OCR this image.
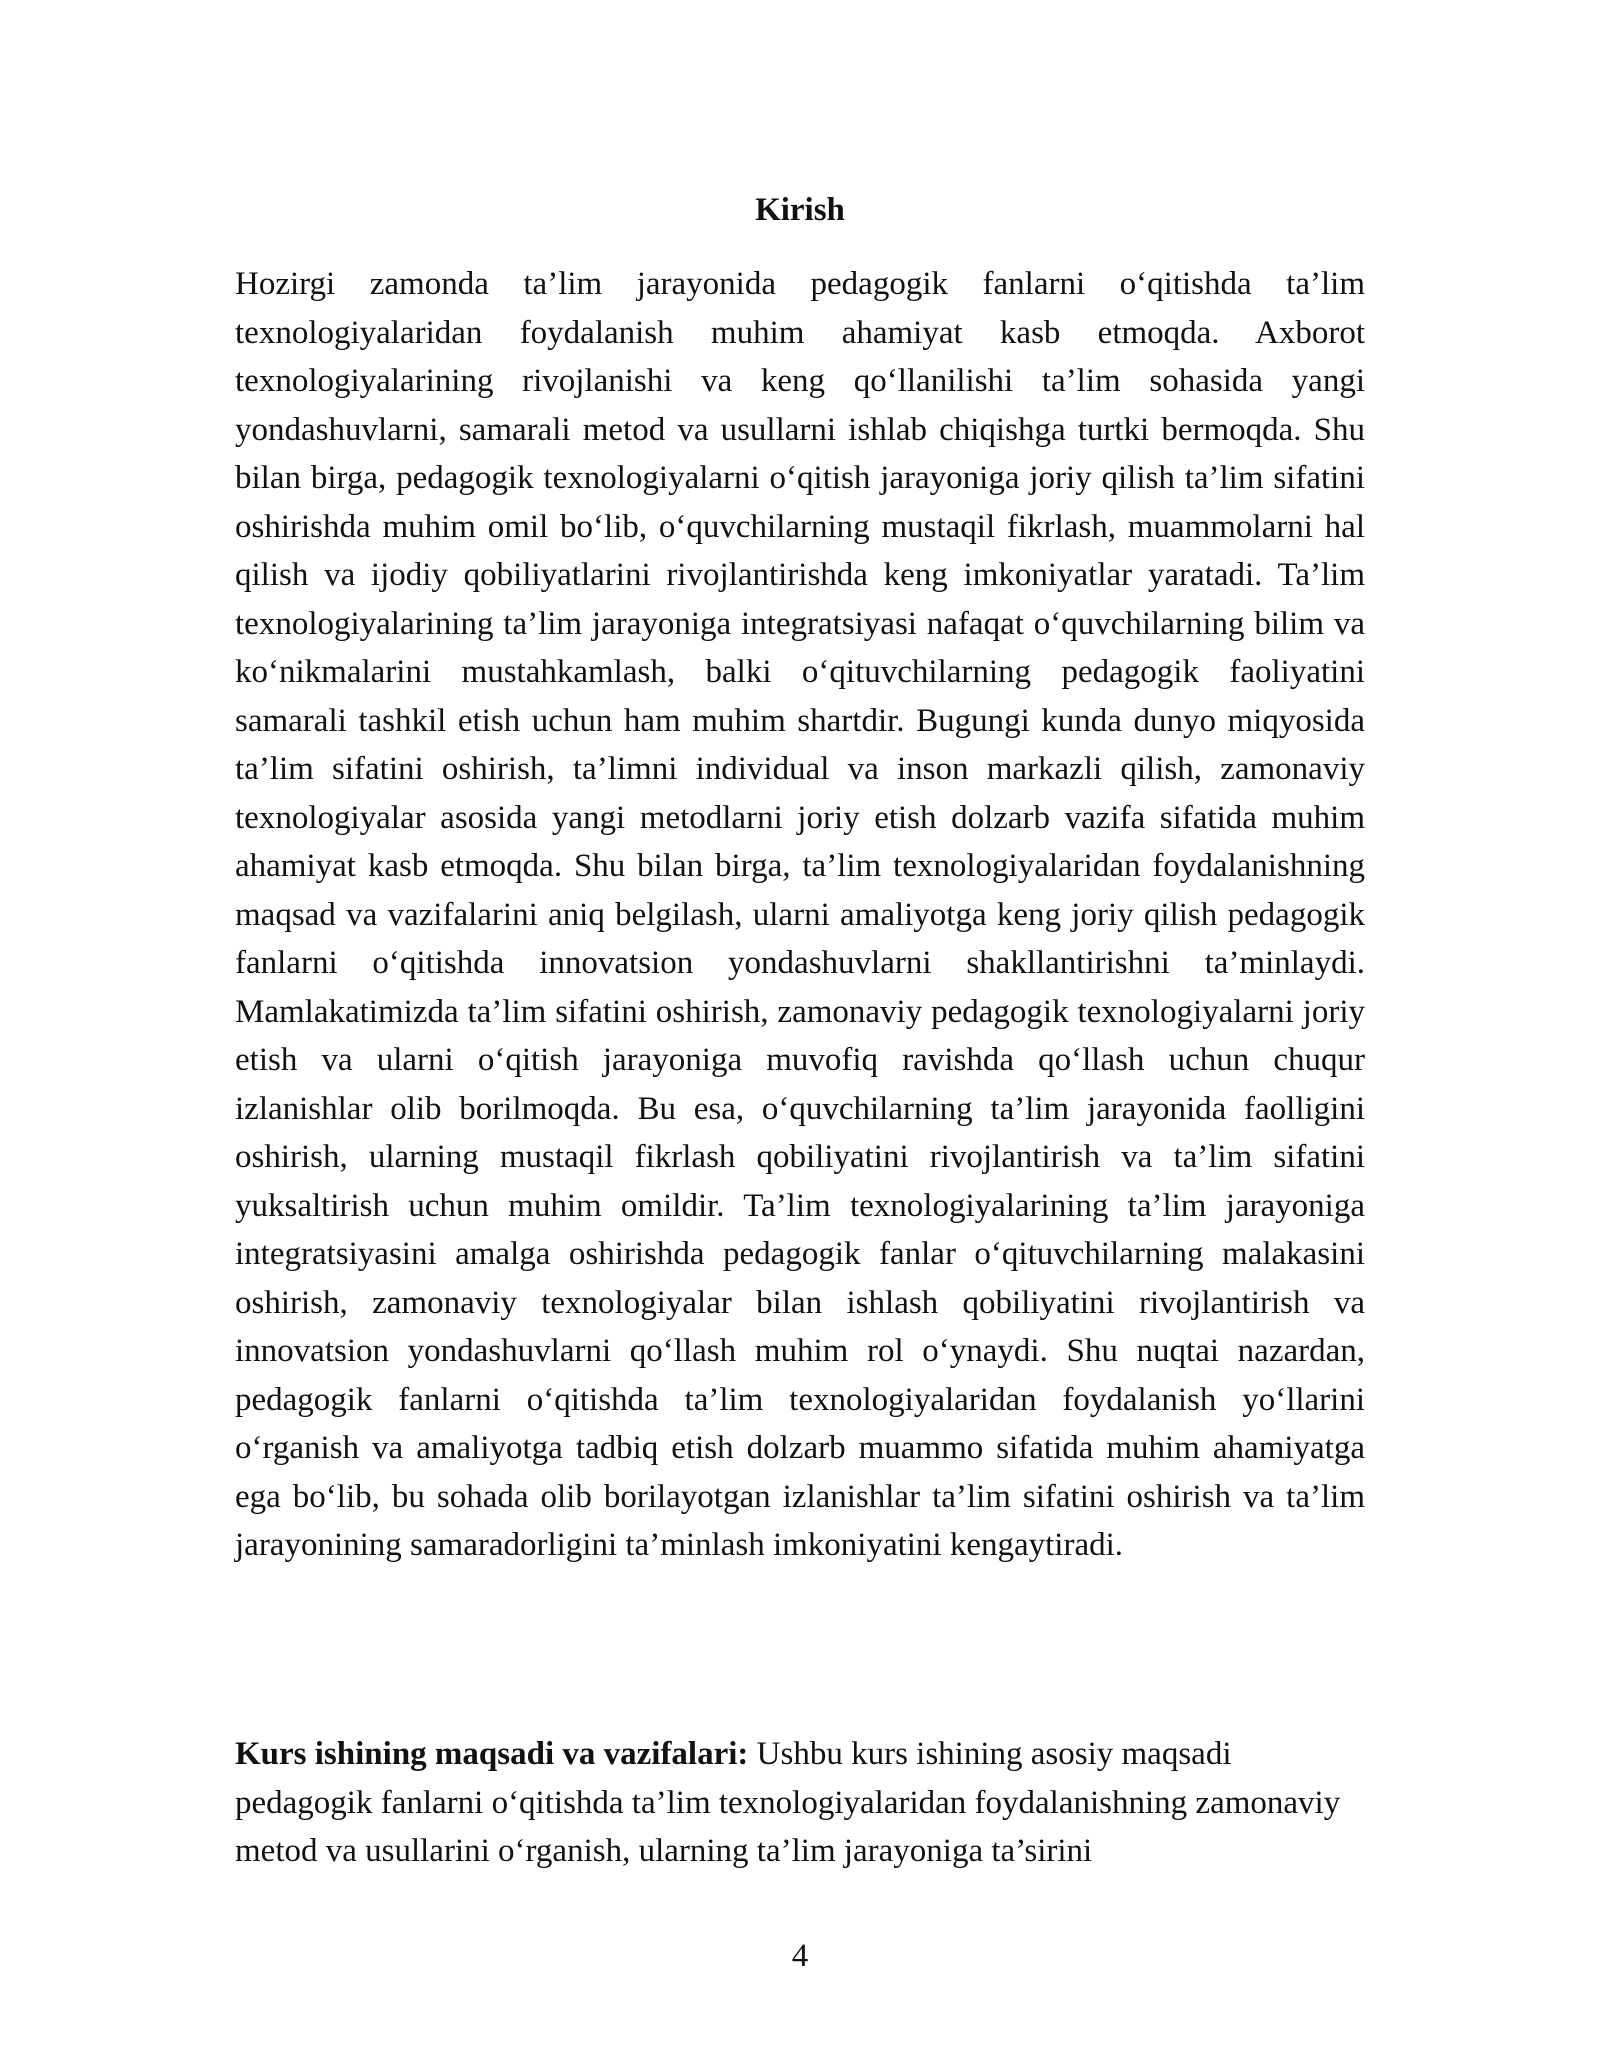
Kirish

Hozirgi zamonda ta’lim jarayonida pedagogik fanlarni o‘qitishda ta’lim texnologiyalaridan foydalanish muhim ahamiyat kasb etmoqda. Axborot texnologiyalarining rivojlanishi va keng qo‘llanilishi ta’lim sohasida yangi yondashuvlarni, samarali metod va usullarni ishlab chiqishga turtki bermoqda. Shu bilan birga, pedagogik texnologiyalarni o‘qitish jarayoniga joriy qilish ta’lim sifatini oshirishda muhim omil bo‘lib, o‘quvchilarning mustaqil fikrlash, muammolarni hal qilish va ijodiy qobiliyatlarini rivojlantirishda keng imkoniyatlar yaratadi. Ta’lim texnologiyalarining ta’lim jarayoniga integratsiyasi nafaqat o‘quvchilarning bilim va ko‘nikmalarini mustahkamlash, balki o‘qituvchilarning pedagogik faoliyatini samarali tashkil etish uchun ham muhim shartdir. Bugungi kunda dunyo miqyosida ta’lim sifatini oshirish, ta’limni individual va inson markazli qilish, zamonaviy texnologiyalar asosida yangi metodlarni joriy etish dolzarb vazifa sifatida muhim ahamiyat kasb etmoqda. Shu bilan birga, ta’lim texnologiyalaridan foydalanishning maqsad va vazifalarini aniq belgilash, ularni amaliyotga keng joriy qilish pedagogik fanlarni o‘qitishda innovatsion yondashuvlarni shakllantirishni ta’minlaydi. Mamlakatimizda ta’lim sifatini oshirish, zamonaviy pedagogik texnologiyalarni joriy etish va ularni o‘qitish jarayoniga muvofiq ravishda qo‘llash uchun chuqur izlanishlar olib borilmoqda. Bu esa, o‘quvchilarning ta’lim jarayonida faolligini oshirish, ularning mustaqil fikrlash qobiliyatini rivojlantirish va ta’lim sifatini yuksaltirish uchun muhim omildir. Ta’lim texnologiyalarining ta’lim jarayoniga integratsiyasini amalga oshirishda pedagogik fanlar o‘qituvchilarning malakasini oshirish, zamonaviy texnologiyalar bilan ishlash qobiliyatini rivojlantirish va innovatsion yondashuvlarni qo‘llash muhim rol o‘ynaydi. Shu nuqtai nazardan, pedagogik fanlarni o‘qitishda ta’lim texnologiyalaridan foydalanish yo‘llarini o‘rganish va amaliyotga tadbiq etish dolzarb muammo sifatida muhim ahamiyatga ega bo‘lib, bu sohada olib borilayotgan izlanishlar ta’lim sifatini oshirish va ta’lim jarayonining samaradorligini ta’minlash imkoniyatini kengaytiradi.

Kurs ishining maqsadi va vazifalari: Ushbu kurs ishining asosiy maqsadi pedagogik fanlarni o‘qitishda ta’lim texnologiyalaridan foydalanishning zamonaviy metod va usullarini o‘rganish, ularning ta’lim jarayoniga ta’sirini

4
